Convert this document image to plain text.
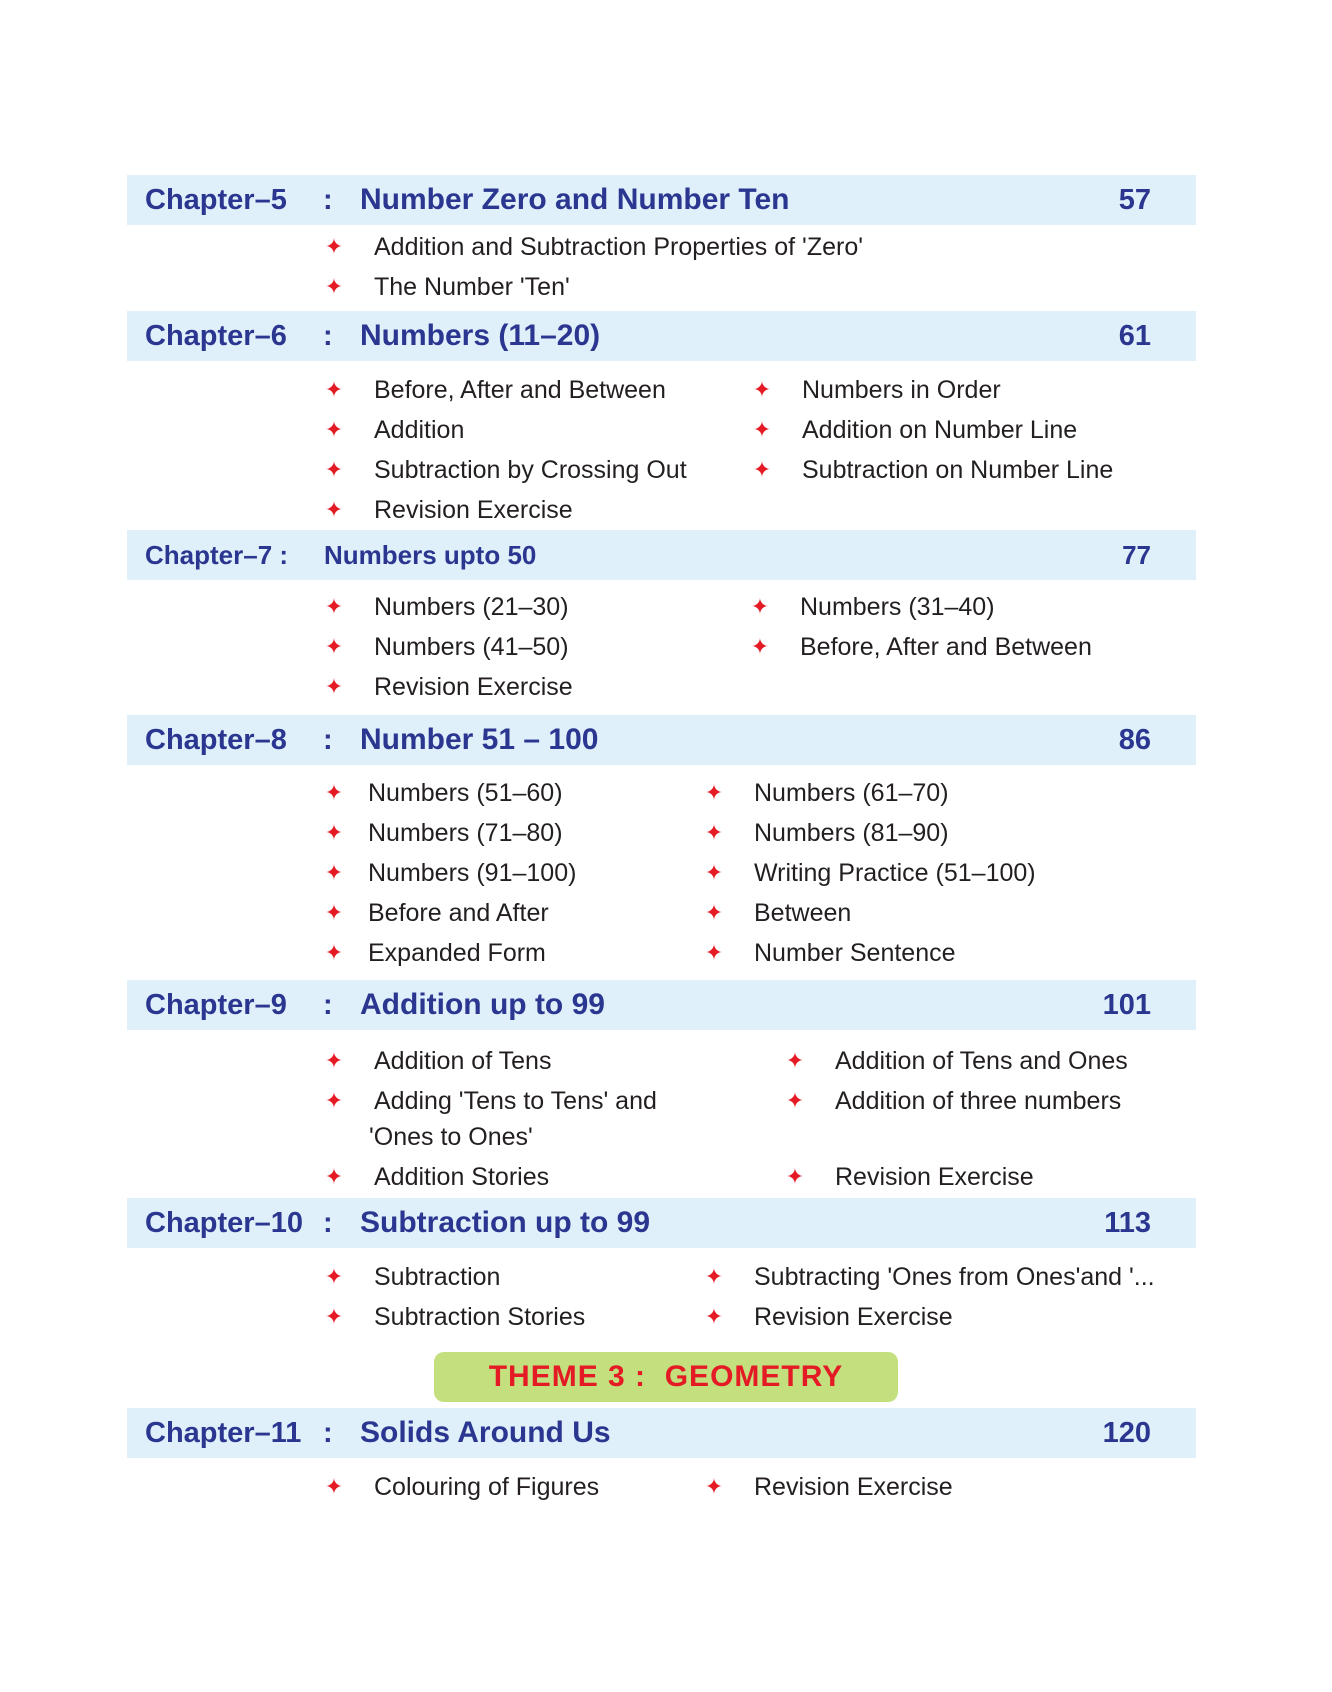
Chapter–5 : Number Zero and Number Ten	57
✦ Addition and Subtraction Properties of 'Zero'
✦ The Number 'Ten'
Chapter–6 : Numbers (11–20)	61
✦ Before, After and Between	✦ Numbers in Order
✦ Addition	✦ Addition on Number Line
✦ Subtraction by Crossing Out	✦ Subtraction on Number Line
✦ Revision Exercise
Chapter–7 : Numbers upto 50	77
✦ Numbers (21–30)	✦ Numbers (31–40)
✦ Numbers (41–50)	✦ Before, After and Between
✦ Revision Exercise
Chapter–8 : Number 51 – 100	86
✦ Numbers (51–60)	✦ Numbers (61–70)
✦ Numbers (71–80)	✦ Numbers (81–90)
✦ Numbers (91–100)	✦ Writing Practice (51–100)
✦ Before and After	✦ Between
✦ Expanded Form	✦ Number Sentence
Chapter–9 : Addition up to 99	101
✦ Addition of Tens	✦ Addition of Tens and Ones
✦ Adding 'Tens to Tens' and
'Ones to Ones'
✦ Addition of three numbers
✦ Addition Stories	✦ Revision Exercise
Chapter–10 : Subtraction up to 99	113
✦ Subtraction	✦ Subtracting 'Ones from Ones'and '...
✦ Subtraction Stories	✦ Revision Exercise
THEME 3 :  GEOMETRY
Chapter–11 : Solids Around Us	120
✦ Colouring of Figures	✦ Revision Exercise
